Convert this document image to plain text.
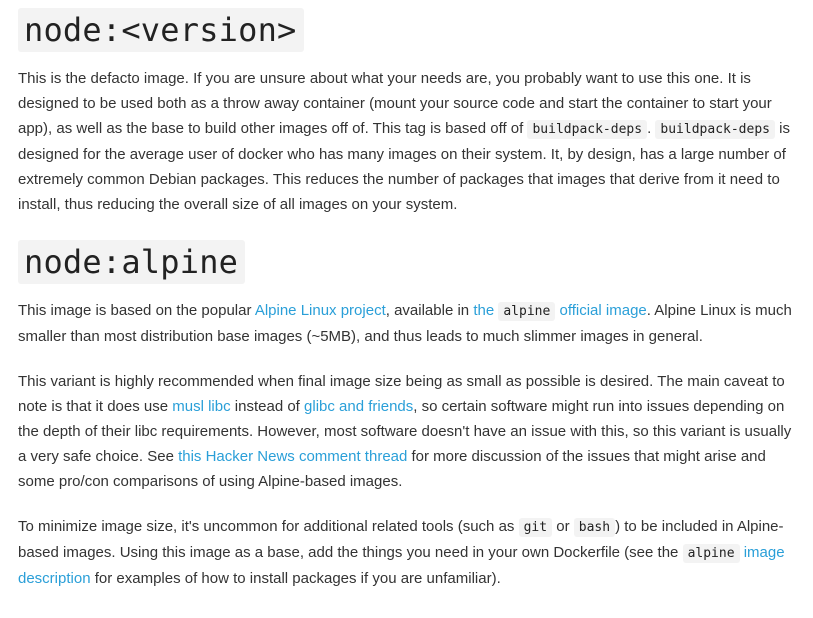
node:<version>

This is the defacto image. If you are unsure about what your needs are, you probably want to use this one. It is designed to be used both as a throw away container (mount your source code and start the container to start your app), as well as the base to build other images off of. This tag is based off of buildpack-deps . buildpack-deps is designed for the average user of docker who has many images on their system. It, by design, has a large number of extremely common Debian packages. This reduces the number of packages that images that derive from it need to install, thus reducing the overall size of all images on your system.

node:alpine

This image is based on the popular Alpine Linux project, available in the alpine official image. Alpine Linux is much smaller than most distribution base images (~5MB), and thus leads to much slimmer images in general.

This variant is highly recommended when final image size being as small as possible is desired. The main caveat to note is that it does use musl libc instead of glibc and friends, so certain software might run into issues depending on the depth of their libc requirements. However, most software doesn't have an issue with this, so this variant is usually a very safe choice. See this Hacker News comment thread for more discussion of the issues that might arise and some pro/con comparisons of using Alpine-based images.

To minimize image size, it's uncommon for additional related tools (such as git or bash ) to be included in Alpine-based images. Using this image as a base, add the things you need in your own Dockerfile (see the alpine image description for examples of how to install packages if you are unfamiliar).
